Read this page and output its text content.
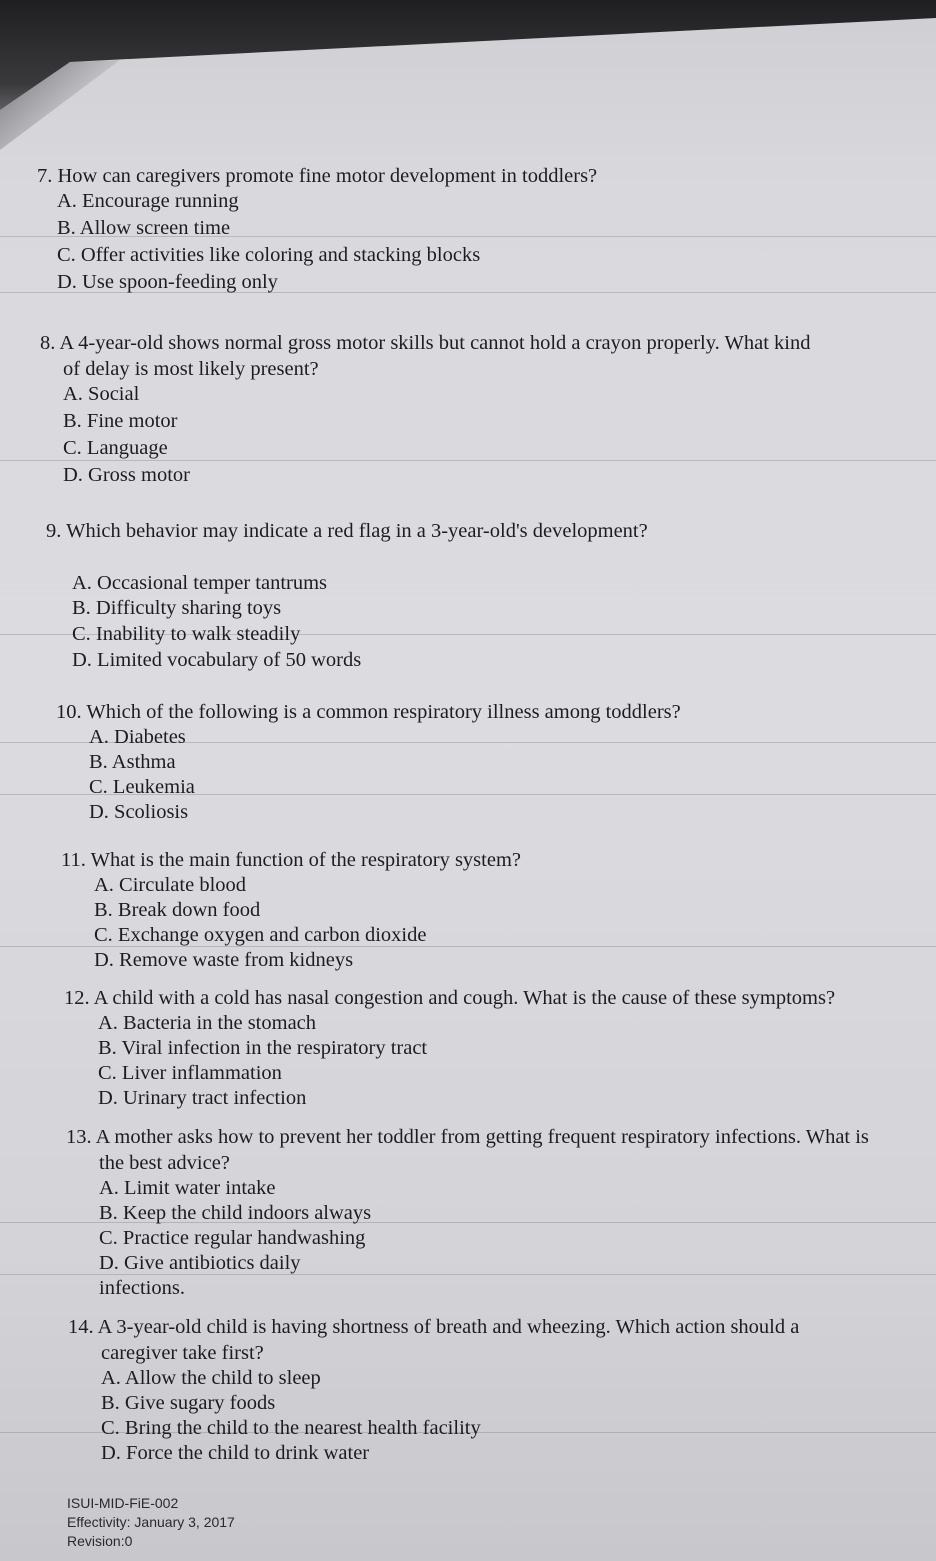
7. How can caregivers promote fine motor development in toddlers?
A. Encourage running
B. Allow screen time
C. Offer activities like coloring and stacking blocks
D. Use spoon-feeding only
8. A 4-year-old shows normal gross motor skills but cannot hold a crayon properly. What kind
of delay is most likely present?
A. Social
B. Fine motor
C. Language
D. Gross motor
9. Which behavior may indicate a red flag in a 3-year-old's development?
A. Occasional temper tantrums
B. Difficulty sharing toys
C. Inability to walk steadily
D. Limited vocabulary of 50 words
10. Which of the following is a common respiratory illness among toddlers?
A. Diabetes
B. Asthma
C. Leukemia
D. Scoliosis
11. What is the main function of the respiratory system?
A. Circulate blood
B. Break down food
C. Exchange oxygen and carbon dioxide
D. Remove waste from kidneys
12. A child with a cold has nasal congestion and cough. What is the cause of these symptoms?
A. Bacteria in the stomach
B. Viral infection in the respiratory tract
C. Liver inflammation
D. Urinary tract infection
13. A mother asks how to prevent her toddler from getting frequent respiratory infections. What is
the best advice?
A. Limit water intake
B. Keep the child indoors always
C. Practice regular handwashing
D. Give antibiotics daily
infections.
14. A 3-year-old child is having shortness of breath and wheezing. Which action should a
caregiver take first?
A. Allow the child to sleep
B. Give sugary foods
C. Bring the child to the nearest health facility
D. Force the child to drink water
ISUI-MID-FiE-002
Effectivity: January 3, 2017
Revision:0
